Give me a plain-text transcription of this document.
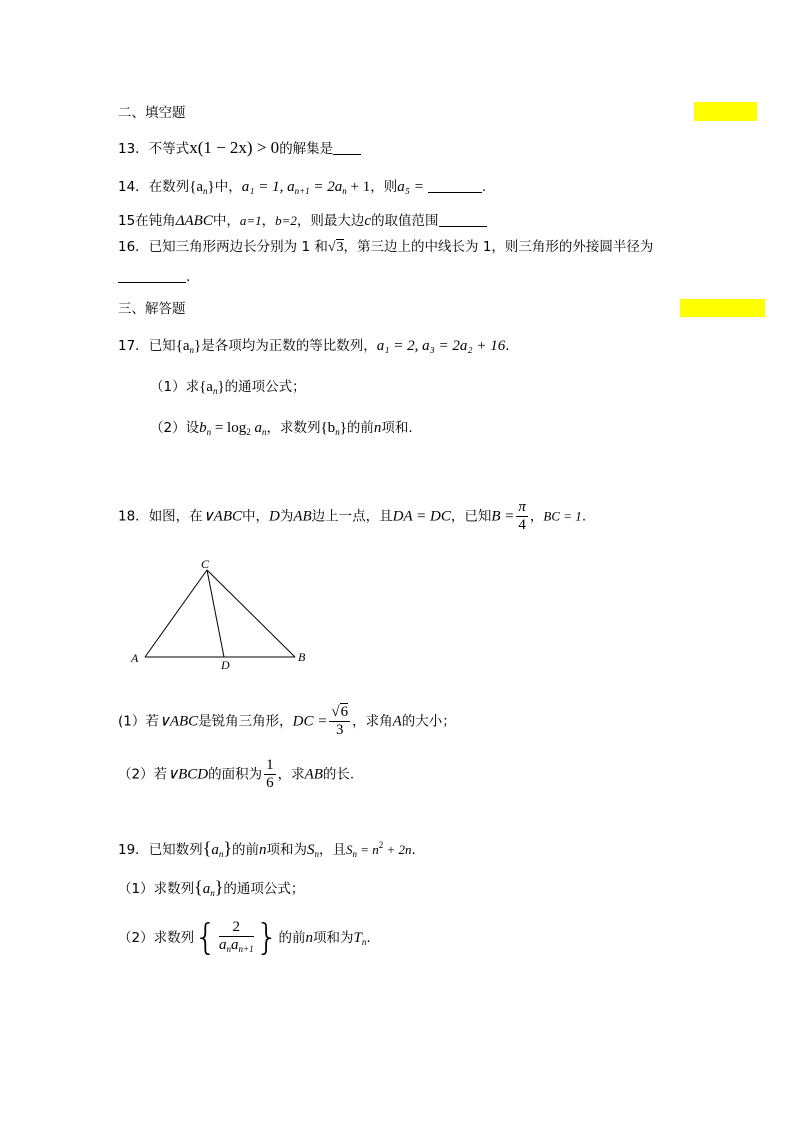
二、填空题
13．不等式x(1 − 2x) > 0的解集是
14．在数列$\{a_n\}$中，a₁ = 1, $a_{n+1} = 2a_n + 1$，则a₅ =	.
15在钝角ΔABC中，a=1，b=2，则最大边c的取值范围
16．已知三角形两边长分别为 1 和√3，第三边上的中线长为 1，则三角形的外接圆半径为
.
三、解答题
17．已知$\{a_n\}$是各项均为正数的等比数列，a₁ = 2, a₃ = 2a₂ + 16.
（1）求$\{a_n\}$的通项公式；
（2）设$b_n = \log_2 a_n$，求数列$\{b_n\}$的前n项和.
18．如图，在∨ABC中，D为AB边上一点，且DA = DC，已知$B = \frac{\pi}{4}$ ，BC = 1.
A
C
B
D
(1）若∨ABC是锐角三角形，DC = $\frac{√6}{3}$ ，求角A的大小；
（2）若∨BCD的面积为 $\frac{1}{6}$ ，求AB的长.
19．已知数列$\{a_n\}$的前n项和为$S_n$，且$S_n = n^2 + 2n$.
（1）求数列$\{a_n\}$的通项公式；
（2）求数列{ $\frac{2}{a_na_{n+1}}$ }的前n项和为$T_n$.
